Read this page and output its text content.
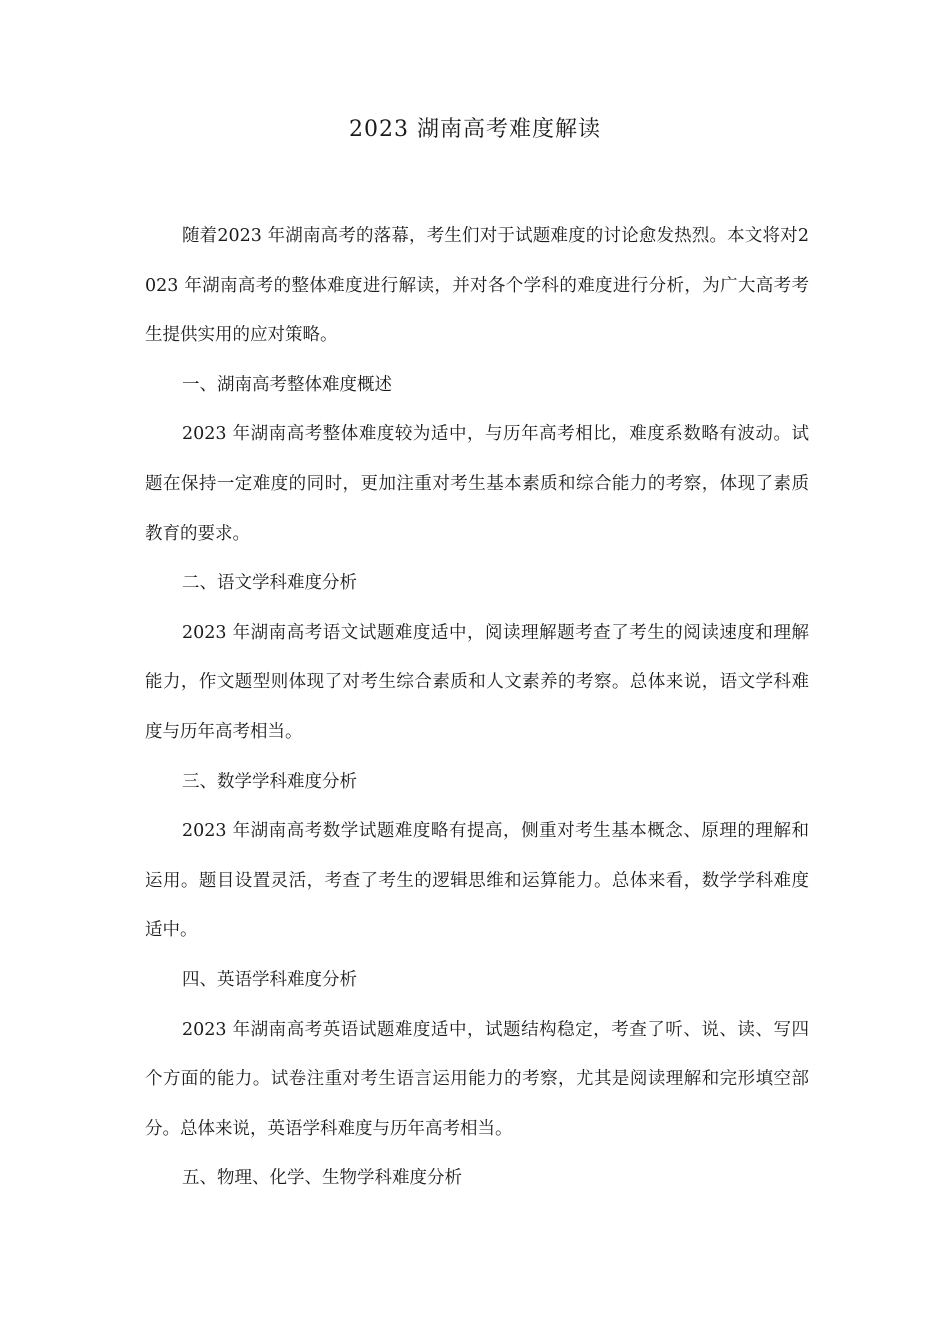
2023 湖南高考难度解读

随着2023 年湖南高考的落幕，考生们对于试题难度的讨论愈发热烈。本文将对2023 年湖南高考的整体难度进行解读，并对各个学科的难度进行分析，为广大高考考生提供实用的应对策略。

一、湖南高考整体难度概述

2023 年湖南高考整体难度较为适中，与历年高考相比，难度系数略有波动。试题在保持一定难度的同时，更加注重对考生基本素质和综合能力的考察，体现了素质教育的要求。

二、语文学科难度分析

2023 年湖南高考语文试题难度适中，阅读理解题考查了考生的阅读速度和理解能力，作文题型则体现了对考生综合素质和人文素养的考察。总体来说，语文学科难度与历年高考相当。

三、数学学科难度分析

2023 年湖南高考数学试题难度略有提高，侧重对考生基本概念、原理的理解和运用。题目设置灵活，考查了考生的逻辑思维和运算能力。总体来看，数学学科难度适中。

四、英语学科难度分析

2023 年湖南高考英语试题难度适中，试题结构稳定，考查了听、说、读、写四个方面的能力。试卷注重对考生语言运用能力的考察，尤其是阅读理解和完形填空部分。总体来说，英语学科难度与历年高考相当。

五、物理、化学、生物学科难度分析
